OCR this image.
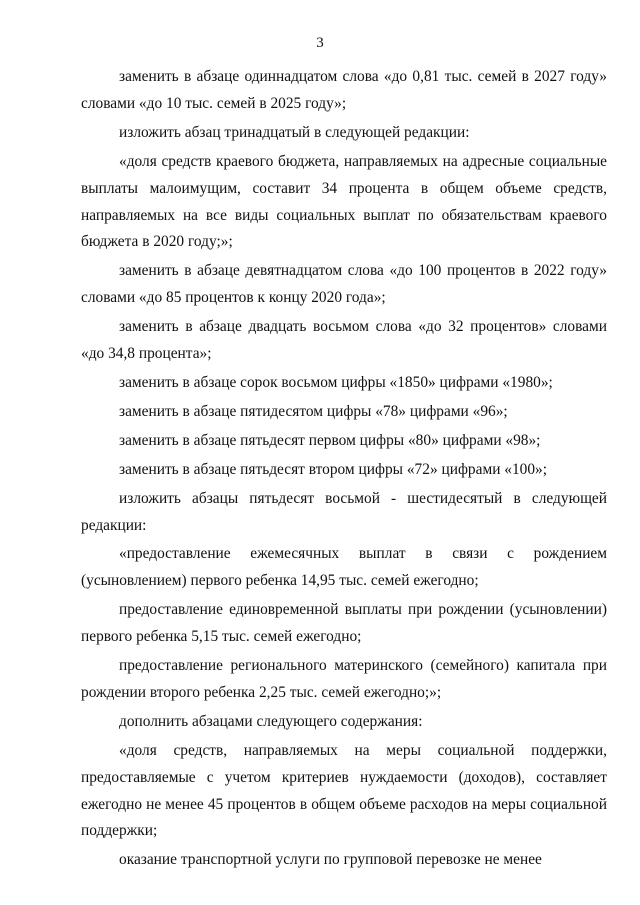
3

заменить в абзаце одиннадцатом слова «до 0,81 тыс. семей в 2027 году» словами «до 10 тыс. семей в 2025 году»;

изложить абзац тринадцатый в следующей редакции:

«доля средств краевого бюджета, направляемых на адресные социальные выплаты малоимущим, составит 34 процента в общем объеме средств, направляемых на все виды социальных выплат по обязательствам краевого бюджета в 2020 году;»;

заменить в абзаце девятнадцатом слова «до 100 процентов в 2022 году» словами «до 85 процентов к концу 2020 года»;

заменить в абзаце двадцать восьмом слова «до 32 процентов» словами «до 34,8 процента»;

заменить в абзаце сорок восьмом цифры «1850» цифрами «1980»;

заменить в абзаце пятидесятом цифры «78» цифрами «96»;

заменить в абзаце пятьдесят первом цифры «80» цифрами «98»;

заменить в абзаце пятьдесят втором цифры «72» цифрами «100»;

изложить абзацы пятьдесят восьмой - шестидесятый в следующей редакции:

«предоставление ежемесячных выплат в связи с рождением (усыновлением) первого ребенка 14,95 тыс. семей ежегодно;

предоставление единовременной выплаты при рождении (усыновлении) первого ребенка 5,15 тыс. семей ежегодно;

предоставление регионального материнского (семейного) капитала при рождении второго ребенка 2,25 тыс. семей ежегодно;»;

дополнить абзацами следующего содержания:

«доля средств, направляемых на меры социальной поддержки, предоставляемые с учетом критериев нуждаемости (доходов), составляет ежегодно не менее 45 процентов в общем объеме расходов на меры социальной поддержки;

оказание транспортной услуги по групповой перевозке не менее
